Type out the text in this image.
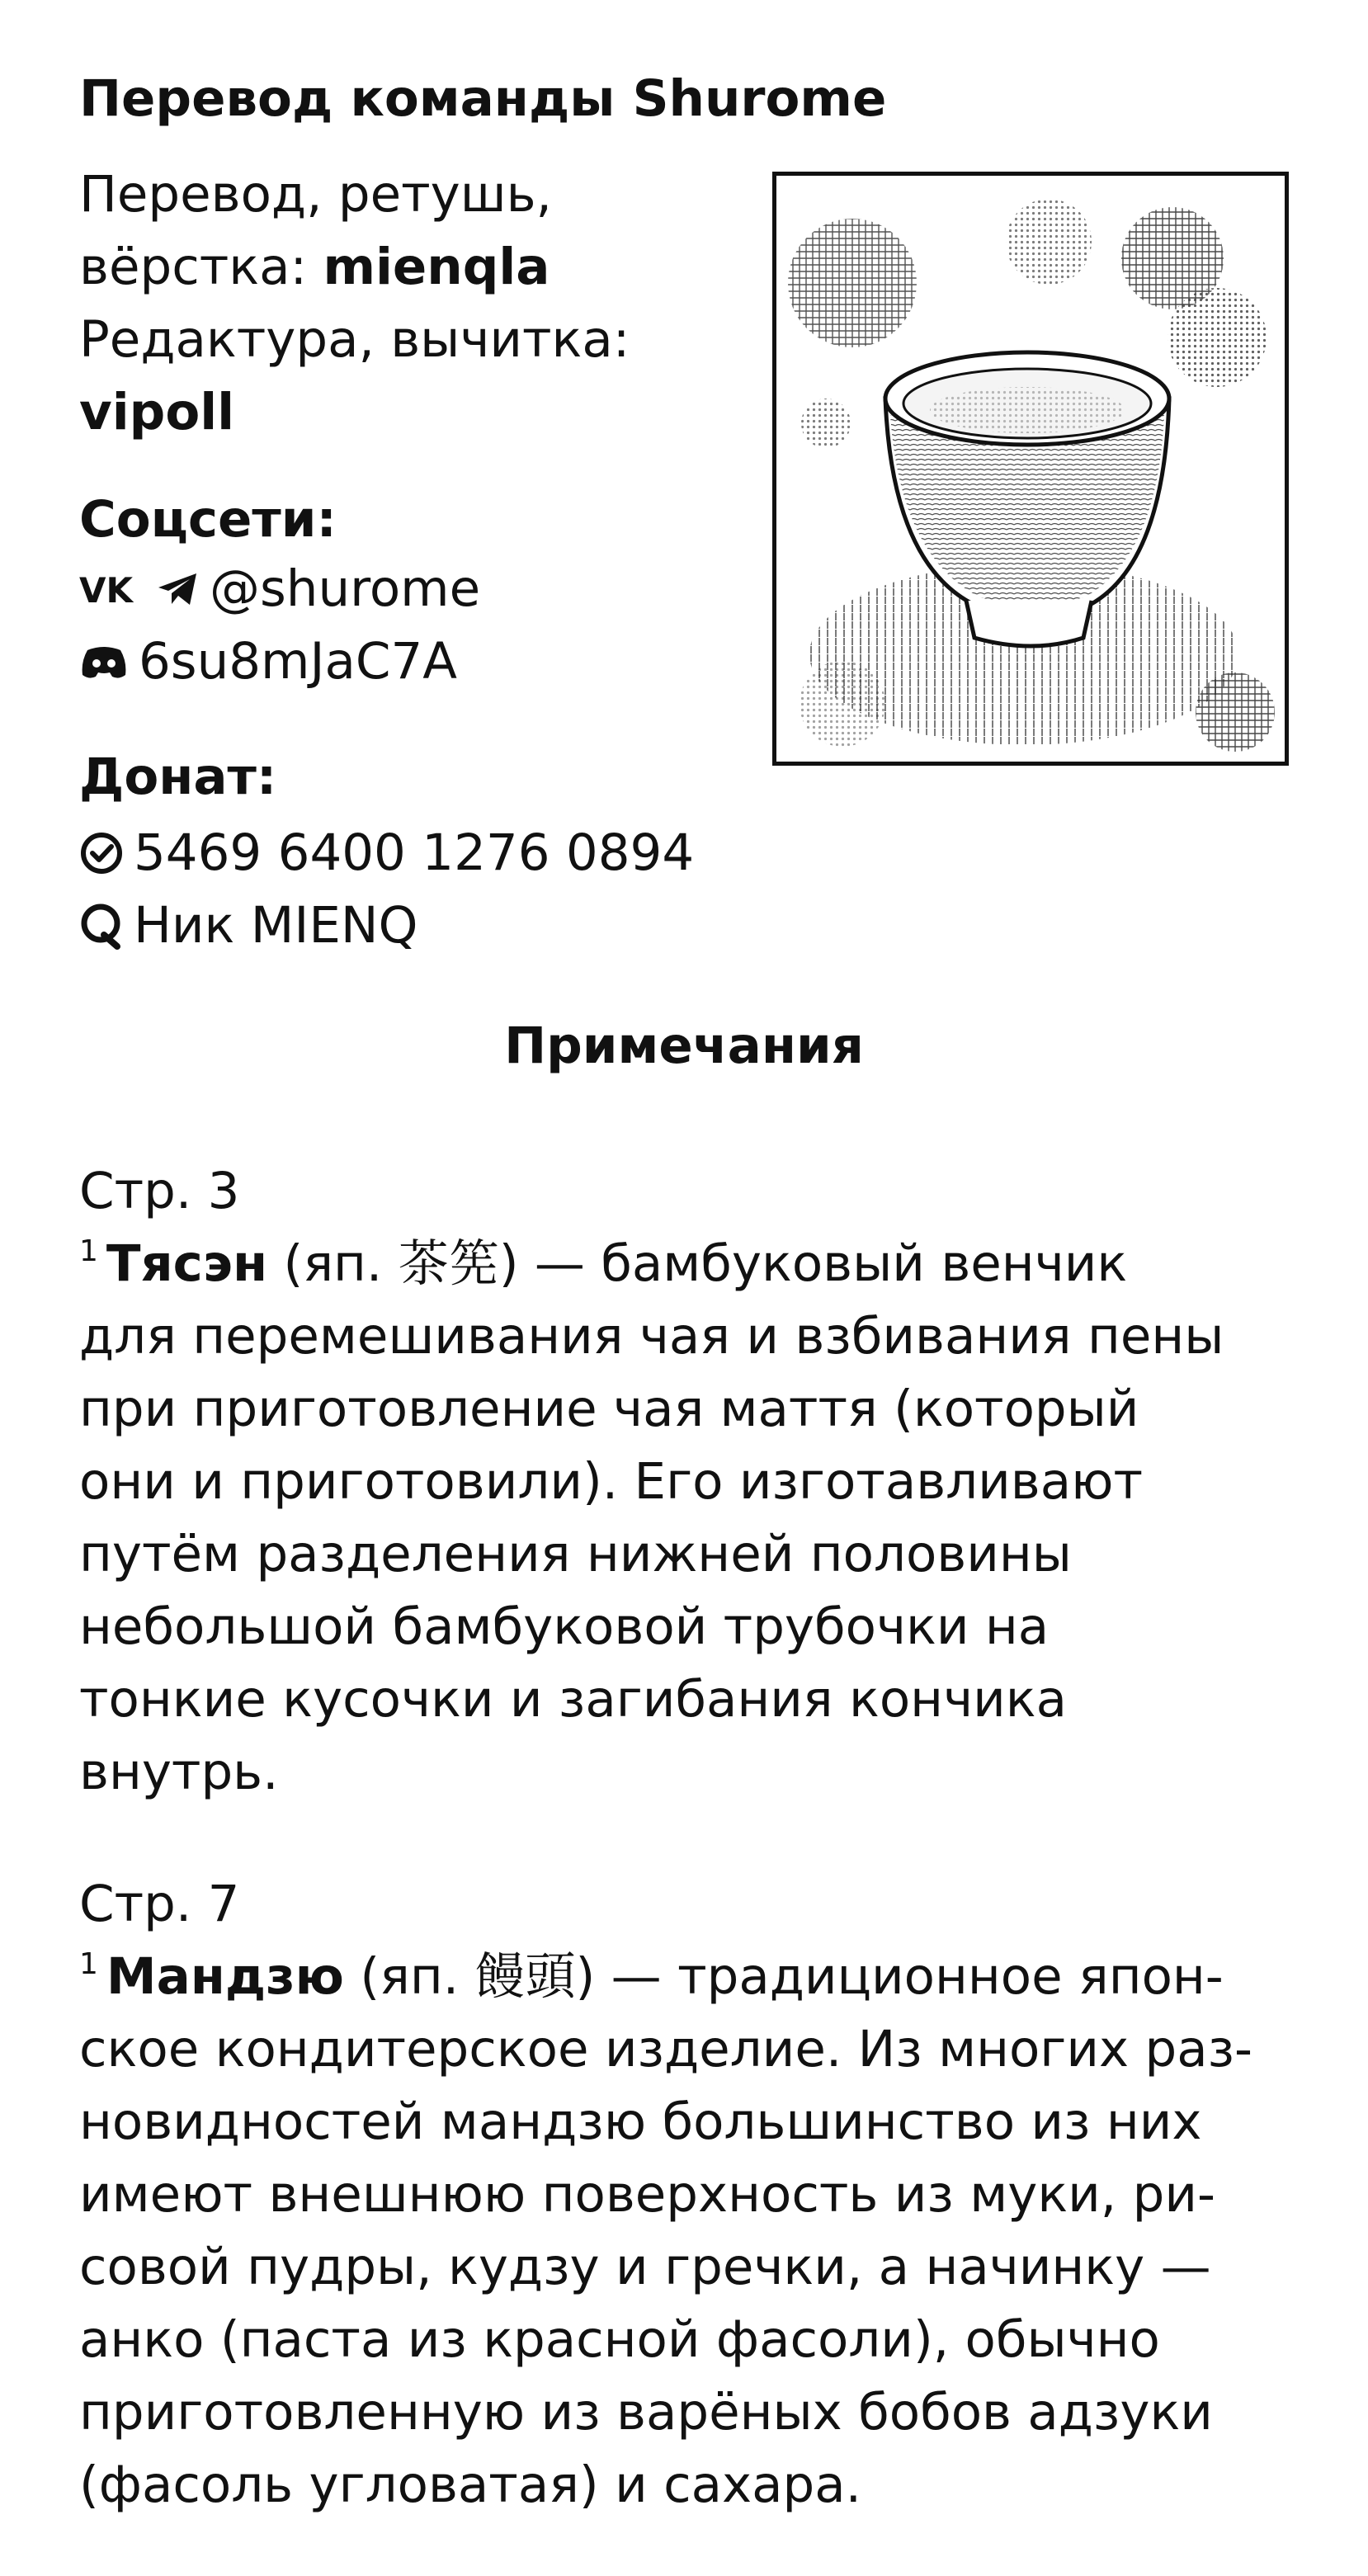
Перевод команды Shurome
Перевод, ретушь,
вёрстка: mienqla
Редактура, вычитка:
vipoll
Соцсети:
VK @shurome
6su8mJaC7A
Донат:
5469 6400 1276 0894
Ник MIENQ
Примечания
Стр. 3
$^1$ Тясэн (яп. 茶筅) — бамбуковый венчик
для перемешивания чая и взбивания пены
при приготовление чая маття (который
они и приготовили). Его изготавливают
путём разделения нижней половины
небольшой бамбуковой трубочки на
тонкие кусочки и загибания кончика
внутрь.
Стр. 7
$^1$ Мандзю (яп. 饅頭) — традиционное япон-
ское кондитерское изделие. Из многих раз-
новидностей мандзю большинство из них
имеют внешнюю поверхность из муки, ри-
совой пудры, кудзу и гречки, а начинку —
анко (паста из красной фасоли), обычно
приготовленную из варёных бобов адзуки
(фасоль угловатая) и сахара.
